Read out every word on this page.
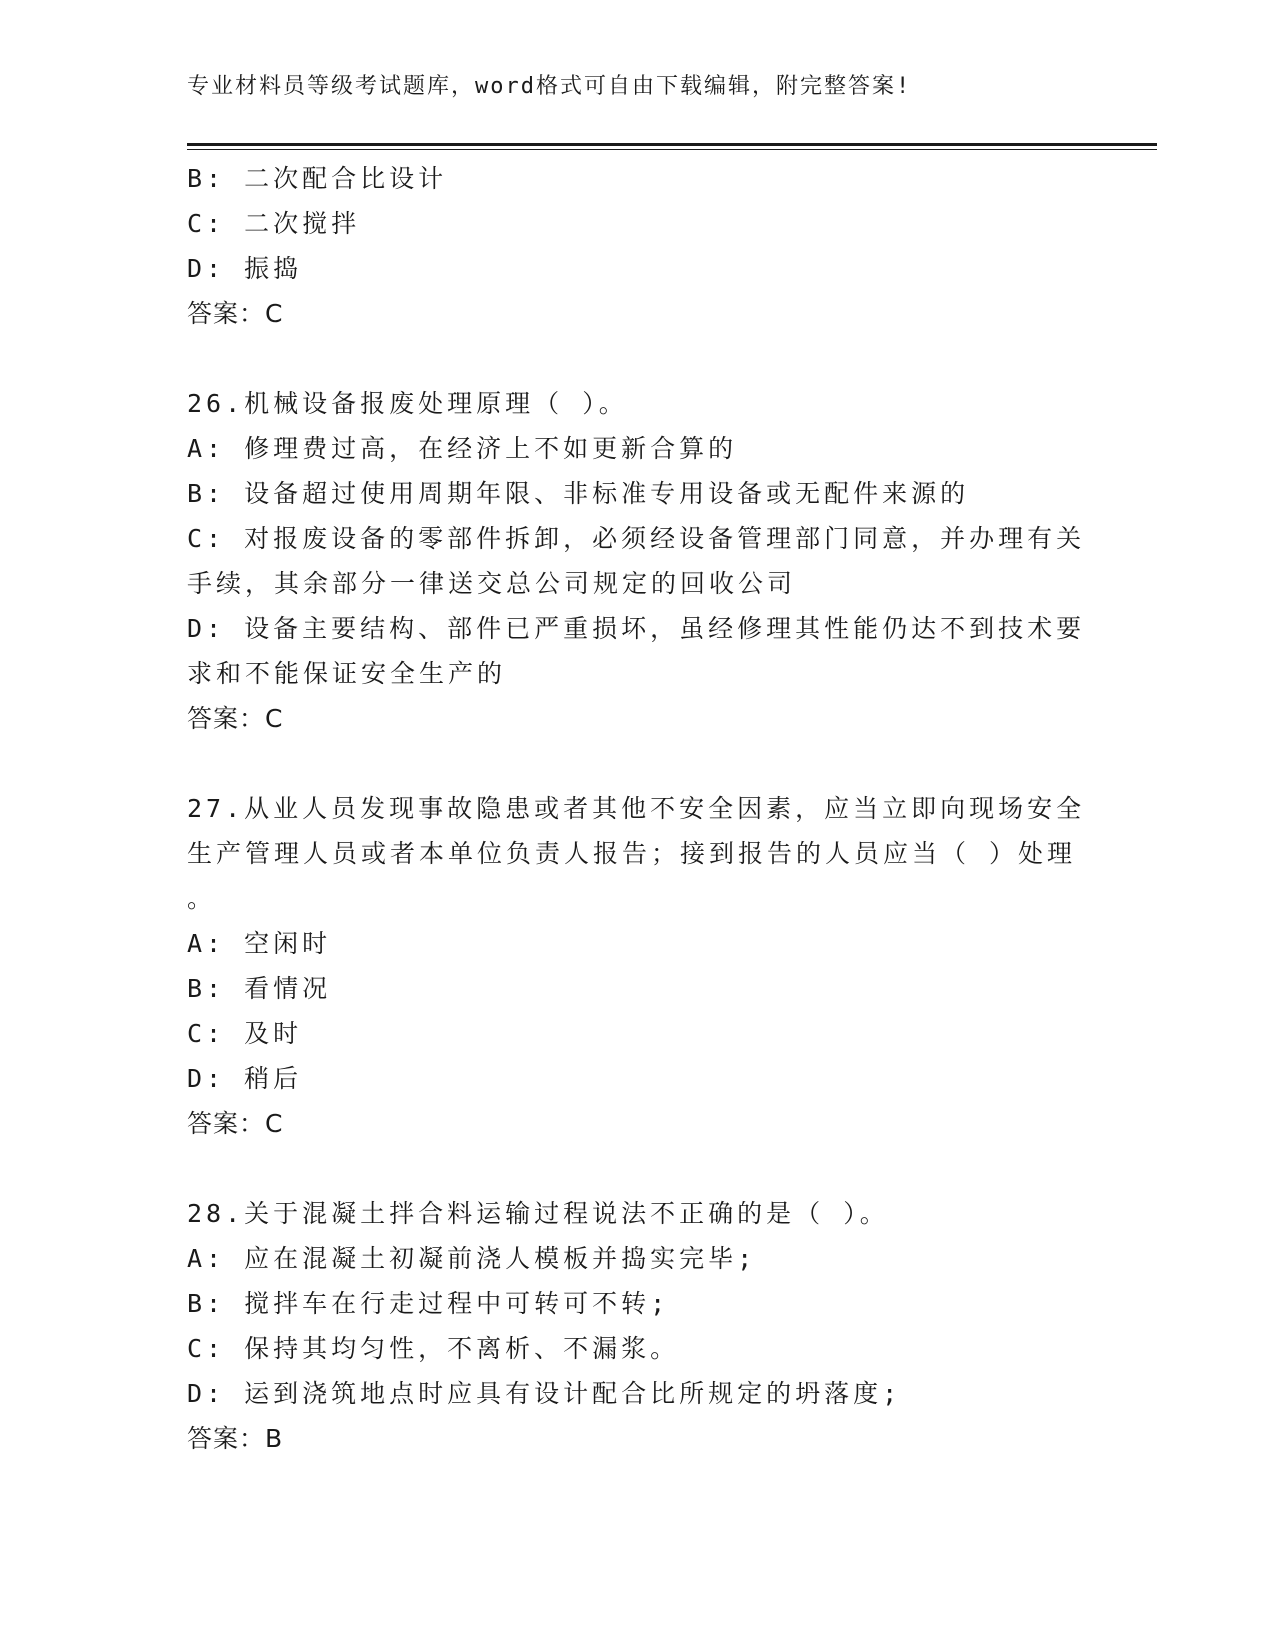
专业材料员等级考试题库，word格式可自由下载编辑，附完整答案!
B: 二次配合比设计
C: 二次搅拌
D: 振捣
答案：C
26.机械设备报废处理原理（ ）。
A: 修理费过高，在经济上不如更新合算的
B: 设备超过使用周期年限、非标准专用设备或无配件来源的
C: 对报废设备的零部件拆卸，必须经设备管理部门同意，并办理有关
手续，其余部分一律送交总公司规定的回收公司
D: 设备主要结构、部件已严重损坏，虽经修理其性能仍达不到技术要
求和不能保证安全生产的
答案：C
27.从业人员发现事故隐患或者其他不安全因素，应当立即向现场安全
生产管理人员或者本单位负责人报告；接到报告的人员应当（ ）处理
。
A: 空闲时
B: 看情况
C: 及时
D: 稍后
答案：C
28.关于混凝土拌合料运输过程说法不正确的是（ ）。
A: 应在混凝土初凝前浇人模板并捣实完毕;
B: 搅拌车在行走过程中可转可不转;
C: 保持其均匀性，不离析、不漏浆。
D: 运到浇筑地点时应具有设计配合比所规定的坍落度;
答案：B
